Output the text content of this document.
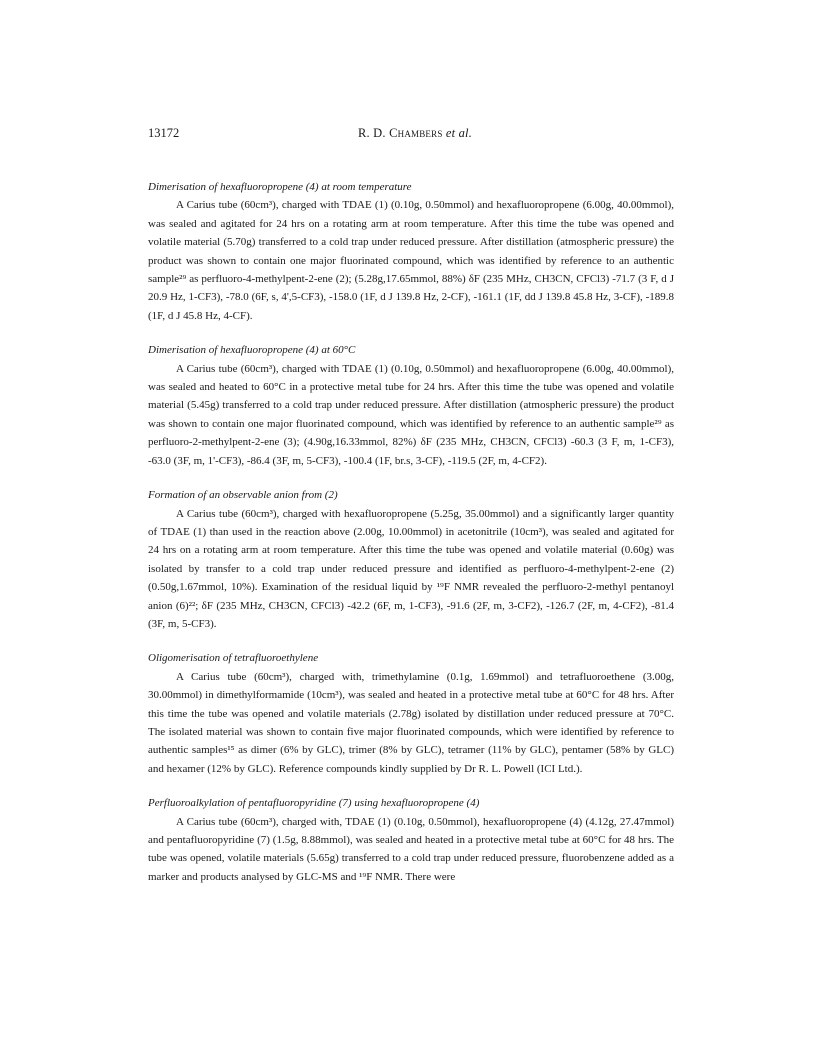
13172	R. D. Chambers et al.

Dimerisation of hexafluoropropene (4) at room temperature

A Carius tube (60cm³), charged with TDAE (1) (0.10g, 0.50mmol) and hexafluoropropene (6.00g, 40.00mmol), was sealed and agitated for 24 hrs on a rotating arm at room temperature. After this time the tube was opened and volatile material (5.70g) transferred to a cold trap under reduced pressure. After distillation (atmospheric pressure) the product was shown to contain one major fluorinated compound, which was identified by reference to an authentic sample²⁹ as perfluoro-4-methylpent-2-ene (2); (5.28g,17.65mmol, 88%) δF (235 MHz, CH3CN, CFCl3) -71.7 (3 F, d J 20.9 Hz, 1-CF3), -78.0 (6F, s, 4',5-CF3), -158.0 (1F, d J 139.8 Hz, 2-CF), -161.1 (1F, dd J 139.8 45.8 Hz, 3-CF), -189.8 (1F, d J 45.8 Hz, 4-CF).

Dimerisation of hexafluoropropene (4) at 60°C

A Carius tube (60cm³), charged with TDAE (1) (0.10g, 0.50mmol) and hexafluoropropene (6.00g, 40.00mmol), was sealed and heated to 60°C in a protective metal tube for 24 hrs. After this time the tube was opened and volatile material (5.45g) transferred to a cold trap under reduced pressure. After distillation (atmospheric pressure) the product was shown to contain one major fluorinated compound, which was identified by reference to an authentic sample²⁹ as perfluoro-2-methylpent-2-ene (3); (4.90g,16.33mmol, 82%) δF (235 MHz, CH3CN, CFCl3) -60.3 (3 F, m, 1-CF3), -63.0 (3F, m, 1'-CF3), -86.4 (3F, m, 5-CF3), -100.4 (1F, br.s, 3-CF), -119.5 (2F, m, 4-CF2).

Formation of an observable anion from (2)

A Carius tube (60cm³), charged with hexafluoropropene (5.25g, 35.00mmol) and a significantly larger quantity of TDAE (1) than used in the reaction above (2.00g, 10.00mmol) in acetonitrile (10cm³), was sealed and agitated for 24 hrs on a rotating arm at room temperature. After this time the tube was opened and volatile material (0.60g) was isolated by transfer to a cold trap under reduced pressure and identified as perfluoro-4-methylpent-2-ene (2) (0.50g,1.67mmol, 10%). Examination of the residual liquid by ¹⁹F NMR revealed the perfluoro-2-methyl pentanoyl anion (6)²²; δF (235 MHz, CH3CN, CFCl3) -42.2 (6F, m, 1-CF3), -91.6 (2F, m, 3-CF2), -126.7 (2F, m, 4-CF2), -81.4 (3F, m, 5-CF3).

Oligomerisation of tetrafluoroethylene

A Carius tube (60cm³), charged with, trimethylamine (0.1g, 1.69mmol) and tetrafluoroethene (3.00g, 30.00mmol) in dimethylformamide (10cm³), was sealed and heated in a protective metal tube at 60°C for 48 hrs. After this time the tube was opened and volatile materials (2.78g) isolated by distillation under reduced pressure at 70°C. The isolated material was shown to contain five major fluorinated compounds, which were identified by reference to authentic samples¹⁵ as dimer (6% by GLC), trimer (8% by GLC), tetramer (11% by GLC), pentamer (58% by GLC) and hexamer (12% by GLC). Reference compounds kindly supplied by Dr R. L. Powell (ICI Ltd.).

Perfluoroalkylation of pentafluoropyridine (7) using hexafluoropropene (4)

A Carius tube (60cm³), charged with, TDAE (1) (0.10g, 0.50mmol), hexafluoropropene (4) (4.12g, 27.47mmol) and pentafluoropyridine (7) (1.5g, 8.88mmol), was sealed and heated in a protective metal tube at 60°C for 48 hrs. The tube was opened, volatile materials (5.65g) transferred to a cold trap under reduced pressure, fluorobenzene added as a marker and products analysed by GLC-MS and ¹⁹F NMR. There were
